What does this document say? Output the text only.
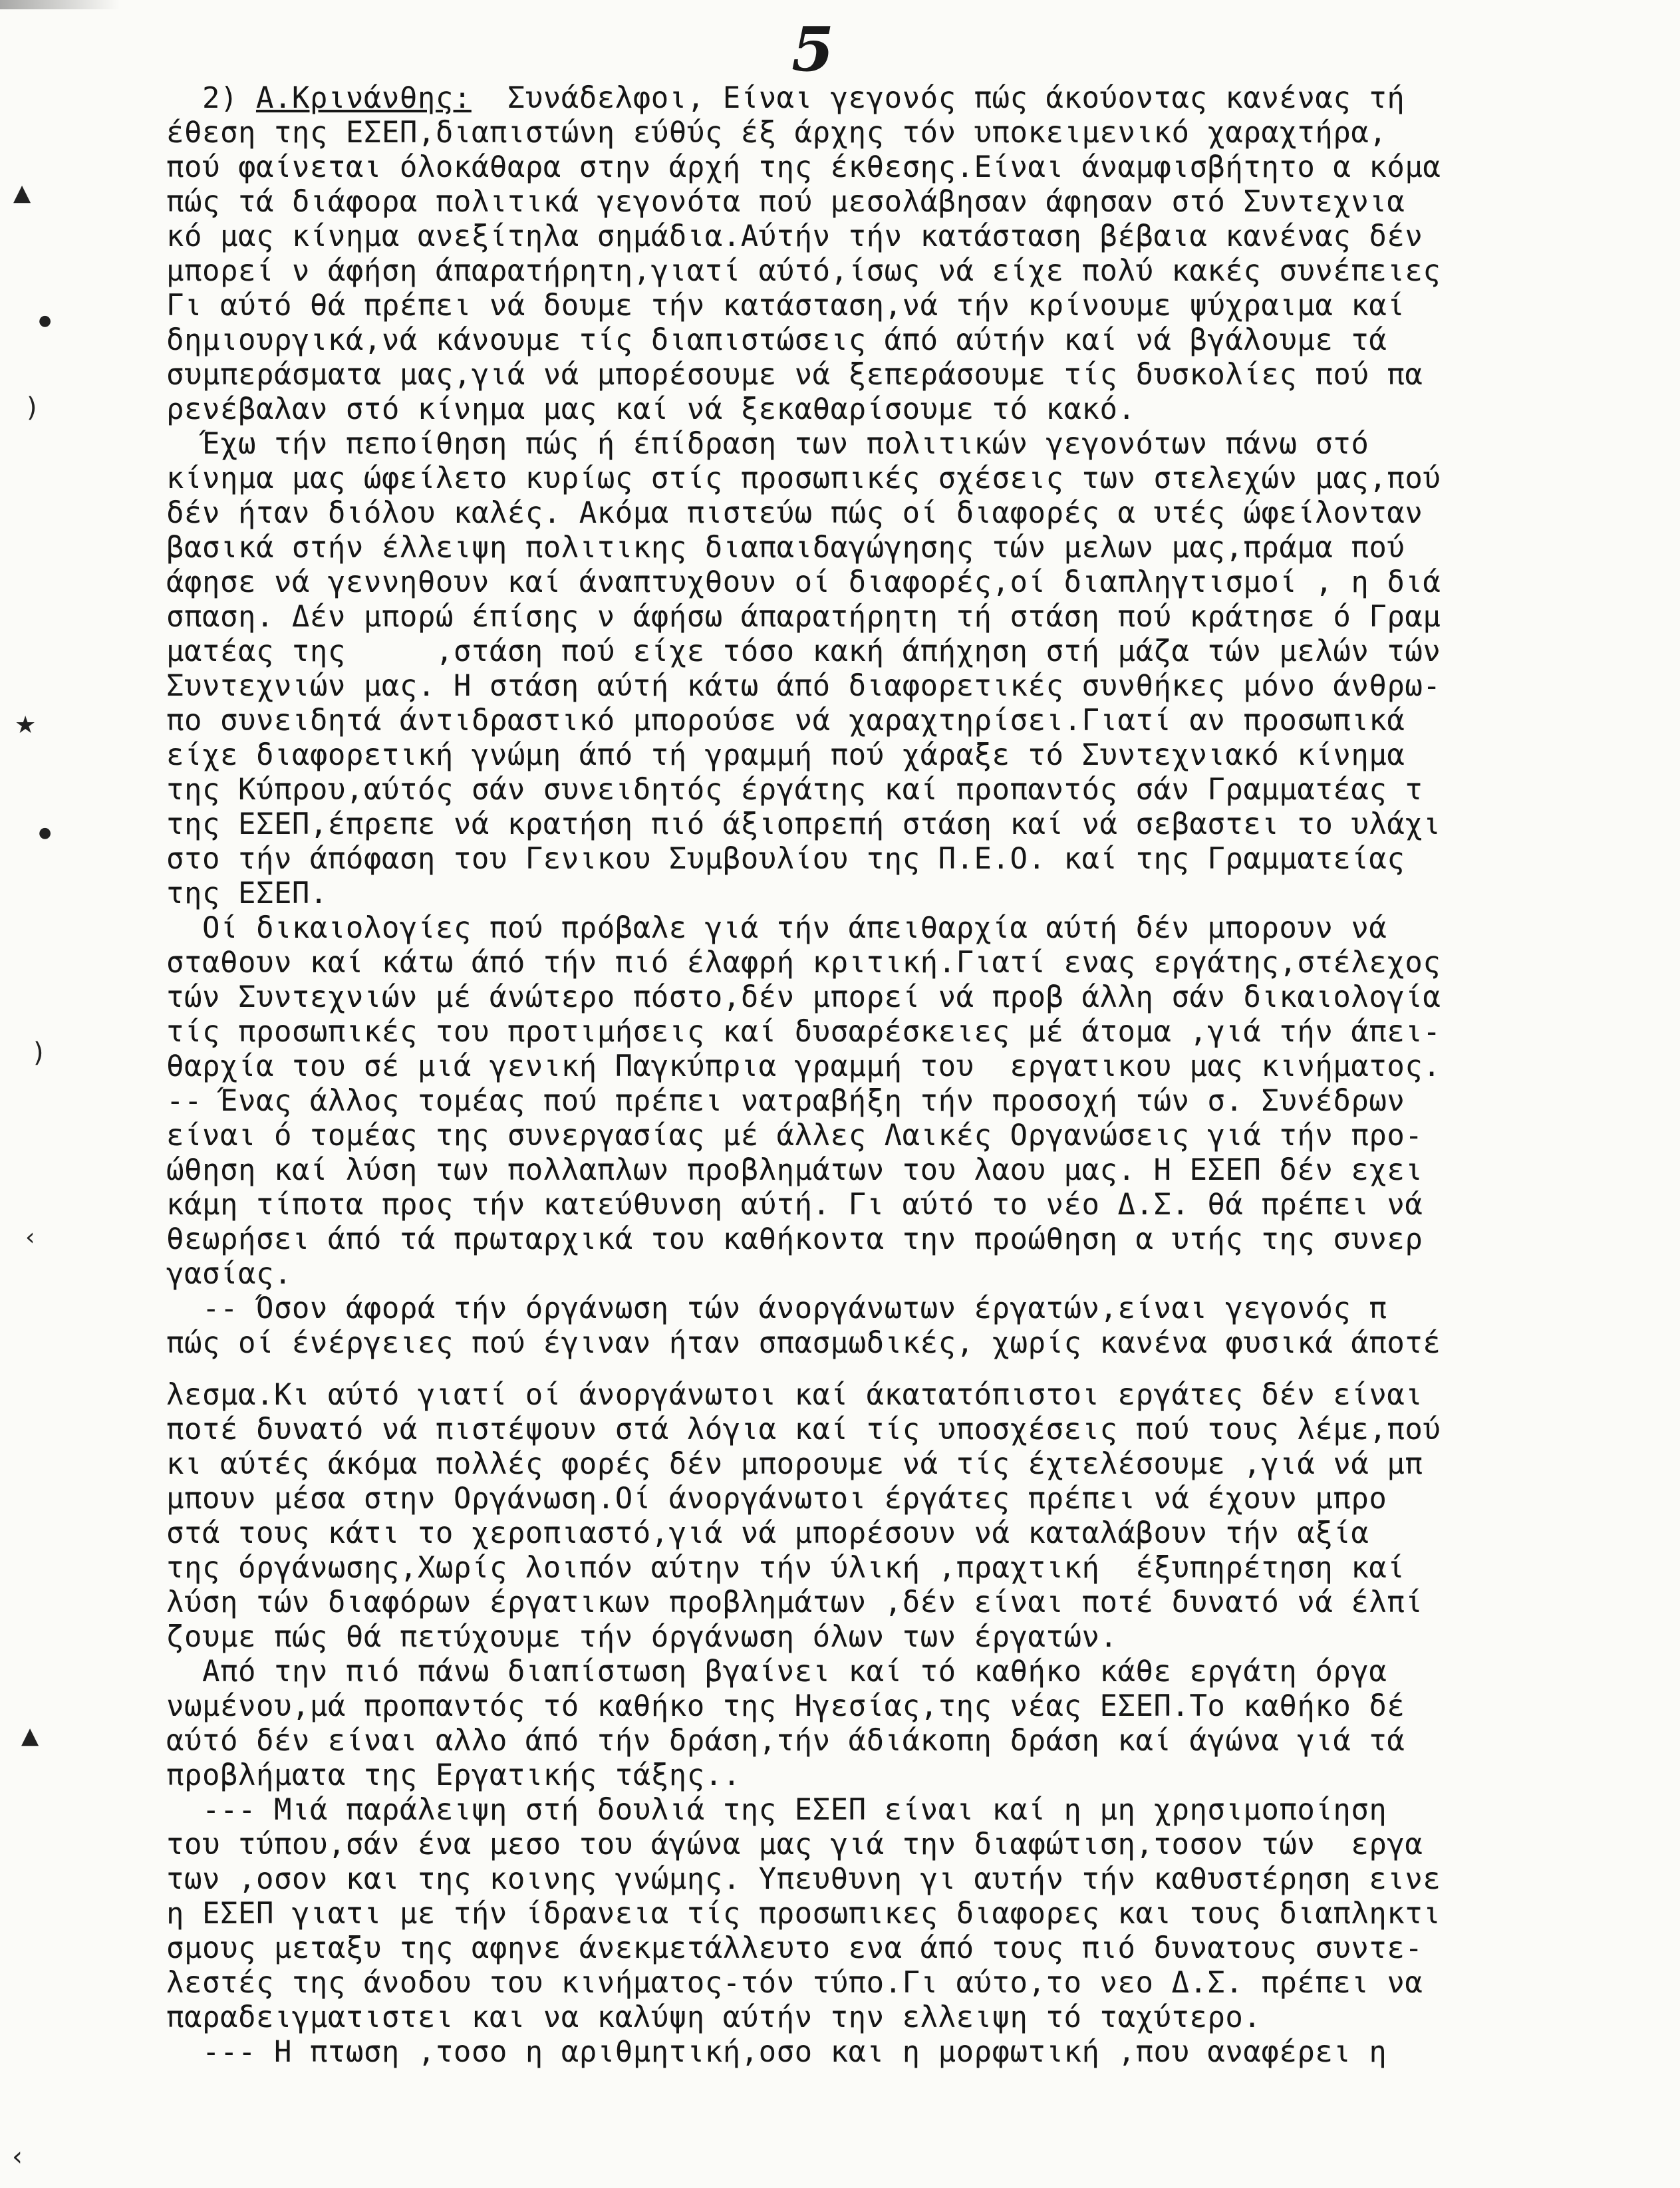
5
▲
●
)
★
●
)
‹
▲
‹
2) Α.Κρινάνθης:  Συνάδελφοι, Είναι γεγονός πώς άκούοντας κανένας τή
έθεση της ΕΣΕΠ,διαπιστώνη εύθύς έξ άρχης τόν υποκειμενικό χαραχτήρα,
πού φαίνεται όλοκάθαρα στην άρχή της έκθεσης.Είναι άναμφισβήτητο α κόμα
πώς τά διάφορα πολιτικά γεγονότα πού μεσολάβησαν άφησαν στό Συντεχνια
κό μας κίνημα ανεξίτηλα σημάδια.Αύτήν τήν κατάσταση βέβαια κανένας δέν
μπορεί ν άφήση άπαρατήρητη,γιατί αύτό,ίσως νά είχε πολύ κακές συνέπειες
Γι αύτό θά πρέπει νά δουμε τήν κατάσταση,νά τήν κρίνουμε ψύχραιμα καί
δημιουργικά,νά κάνουμε τίς διαπιστώσεις άπό αύτήν καί νά βγάλουμε τά
συμπεράσματα μας,γιά νά μπορέσουμε νά ξεπεράσουμε τίς δυσκολίες πού πα
ρενέβαλαν στό κίνημα μας καί νά ξεκαθαρίσουμε τό κακό.
Έχω τήν πεποίθηση πώς ή έπίδραση των πολιτικών γεγονότων πάνω στό
κίνημα μας ώφείλετο κυρίως στίς προσωπικές σχέσεις των στελεχών μας,πού
δέν ήταν διόλου καλές. Ακόμα πιστεύω πώς οί διαφορές α υτές ώφείλονταν
βασικά στήν έλλειψη πολιτικης διαπαιδαγώγησης τών μελων μας,πράμα πού
άφησε νά γεννηθουν καί άναπτυχθουν οί διαφορές,οί διαπληγτισμοί , η διά
σπαση. Δέν μπορώ έπίσης ν άφήσω άπαρατήρητη τή στάση πού κράτησε ό Γραμ
ματέας της     ,στάση πού είχε τόσο κακή άπήχηση στή μάζα τών μελών τών
Συντεχνιών μας. Η στάση αύτή κάτω άπό διαφορετικές συνθήκες μόνο άνθρω-
πο συνειδητά άντιδραστικό μπορούσε νά χαραχτηρίσει.Γιατί αν προσωπικά
είχε διαφορετική γνώμη άπό τή γραμμή πού χάραξε τό Συντεχνιακό κίνημα
της Κύπρου,αύτός σάν συνειδητός έργάτης καί προπαντός σάν Γραμματέας τ
της ΕΣΕΠ,έπρεπε νά κρατήση πιό άξιοπρεπή στάση καί νά σεβαστει το υλάχι
στο τήν άπόφαση του Γενικου Συμβουλίου της Π.Ε.Ο. καί της Γραμματείας
της ΕΣΕΠ.
Οί δικαιολογίες πού πρόβαλε γιά τήν άπειθαρχία αύτή δέν μπορουν νά
σταθουν καί κάτω άπό τήν πιό έλαφρή κριτική.Γιατί ενας εργάτης,στέλεχος
τών Συντεχνιών μέ άνώτερο πόστο,δέν μπορεί νά προβ άλλη σάν δικαιολογία
τίς προσωπικές του προτιμήσεις καί δυσαρέσκειες μέ άτομα ,γιά τήν άπει-
θαρχία του σέ μιά γενική Παγκύπρια γραμμή του  εργατικου μας κινήματος.
-- Ένας άλλος τομέας πού πρέπει νατραβήξη τήν προσοχή τών σ. Συνέδρων
είναι ό τομέας της συνεργασίας μέ άλλες Λαικές Οργανώσεις γιά τήν προ-
ώθηση καί λύση των πολλαπλων προβλημάτων του λαου μας. Η ΕΣΕΠ δέν εχει
κάμη τίποτα προς τήν κατεύθυνση αύτή. Γι αύτό το νέο Δ.Σ. θά πρέπει νά
θεωρήσει άπό τά πρωταρχικά του καθήκοντα την προώθηση α υτής της συνερ
γασίας.
-- Όσον άφορά τήν όργάνωση τών άνοργάνωτων έργατών,είναι γεγονός π
πώς οί ένέργειες πού έγιναν ήταν σπασμωδικές, χωρίς κανένα φυσικά άποτέ
λεσμα.Κι αύτό γιατί οί άνοργάνωτοι καί άκατατόπιστοι εργάτες δέν είναι
ποτέ δυνατό νά πιστέψουν στά λόγια καί τίς υποσχέσεις πού τους λέμε,πού
κι αύτές άκόμα πολλές φορές δέν μπορουμε νά τίς έχτελέσουμε ,γιά νά μπ
μπουν μέσα στην Οργάνωση.Οί άνοργάνωτοι έργάτες πρέπει νά έχουν μπρο
στά τους κάτι το χεροπιαστό,γιά νά μπορέσουν νά καταλάβουν τήν αξία
της όργάνωσης,Χωρίς λοιπόν αύτην τήν ύλική ,πραχτική  έξυπηρέτηση καί
λύση τών διαφόρων έργατικων προβλημάτων ,δέν είναι ποτέ δυνατό νά έλπί
ζουμε πώς θά πετύχουμε τήν όργάνωση όλων των έργατών.
Από την πιό πάνω διαπίστωση βγαίνει καί τό καθήκο κάθε εργάτη όργα
νωμένου,μά προπαντός τό καθήκο της Ηγεσίας,της νέας ΕΣΕΠ.Το καθήκο δέ
αύτό δέν είναι αλλο άπό τήν δράση,τήν άδιάκοπη δράση καί άγώνα γιά τά
προβλήματα της Εργατικής τάξης..
--- Μιά παράλειψη στή δουλιά της ΕΣΕΠ είναι καί η μη χρησιμοποίηση
του τύπου,σάν ένα μεσο του άγώνα μας γιά την διαφώτιση,τοσον τών  εργα
των ,οσον και της κοινης γνώμης. Υπευθυνη γι αυτήν τήν καθυστέρηση εινε
η ΕΣΕΠ γιατι με τήν ίδρανεια τίς προσωπικες διαφορες και τους διαπληκτι
σμους μεταξυ της αφηνε άνεκμετάλλευτο ενα άπό τους πιό δυνατους συντε-
λεστές της άνοδου του κινήματος-τόν τύπο.Γι αύτο,το νεο Δ.Σ. πρέπει να
παραδειγματιστει και να καλύψη αύτήν την ελλειψη τό ταχύτερο.
--- Η πτωση ,τοσο η αριθμητική,οσο και η μορφωτική ,που αναφέρει η
